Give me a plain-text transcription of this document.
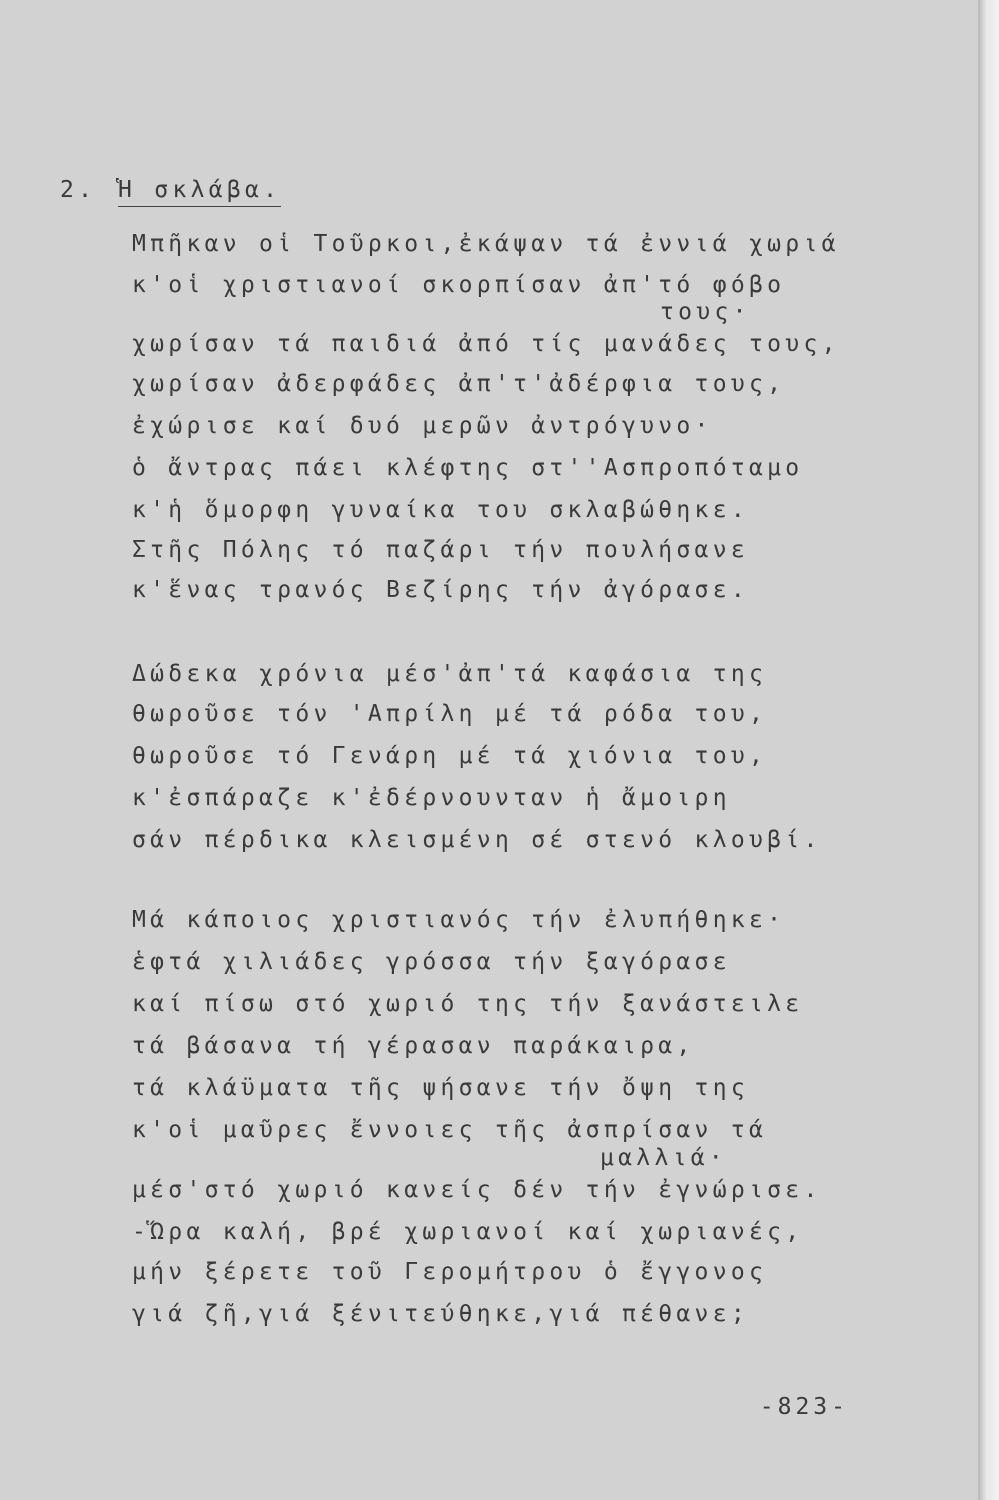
2. Ἡ σκλάβα.
Μπῆκαν οἱ Τοῦρκοι,ἐκάψαν τά ἐννιά χωριά
κ'οἱ χριστιανοί σκορπίσαν ἀπ'τό φόβο
τους·
χωρίσαν τά παιδιά ἀπό τίς μανάδες τους,
χωρίσαν ἀδερφάδες ἀπ'τ'ἀδέρφια τους,
ἐχώρισε καί δυό μερῶν ἀντρόγυνο·
ὁ ἄντρας πάει κλέφτης στ''Ασπροπόταμο
κ'ἡ ὅμορφη γυναίκα του σκλαβώθηκε.
Στῆς Πόλης τό παζάρι τήν πουλήσανε
κ'ἕνας τρανός Βεζίρης τήν ἀγόρασε.
Δώδεκα χρόνια μέσ'ἀπ'τά καφάσια της
θωροῦσε τόν 'Απρίλη μέ τά ρόδα του,
θωροῦσε τό Γενάρη μέ τά χιόνια του,
κ'ἐσπάραζε κ'ἐδέρνουνταν ἡ ἄμοιρη
σάν πέρδικα κλεισμένη σέ στενό κλουβί.
Μά κάποιος χριστιανός τήν ἐλυπήθηκε·
ἑφτά χιλιάδες γρόσσα τήν ξαγόρασε
καί πίσω στό χωριό της τήν ξανάστειλε
τά βάσανα τή γέρασαν παράκαιρα,
τά κλάϋματα τῆς ψήσανε τήν ὄψη της
κ'οἱ μαῦρες ἔννοιες τῆς ἀσπρίσαν τά
μαλλιά·
μέσ'στό χωριό κανείς δέν τήν ἐγνώρισε.
-Ὥρα καλή, βρέ χωριανοί καί χωριανές,
μήν ξέρετε τοῦ Γερομήτρου ὁ ἔγγονος
γιά ζῆ,γιά ξένιτεύθηκε,γιά πέθανε;
-823-
